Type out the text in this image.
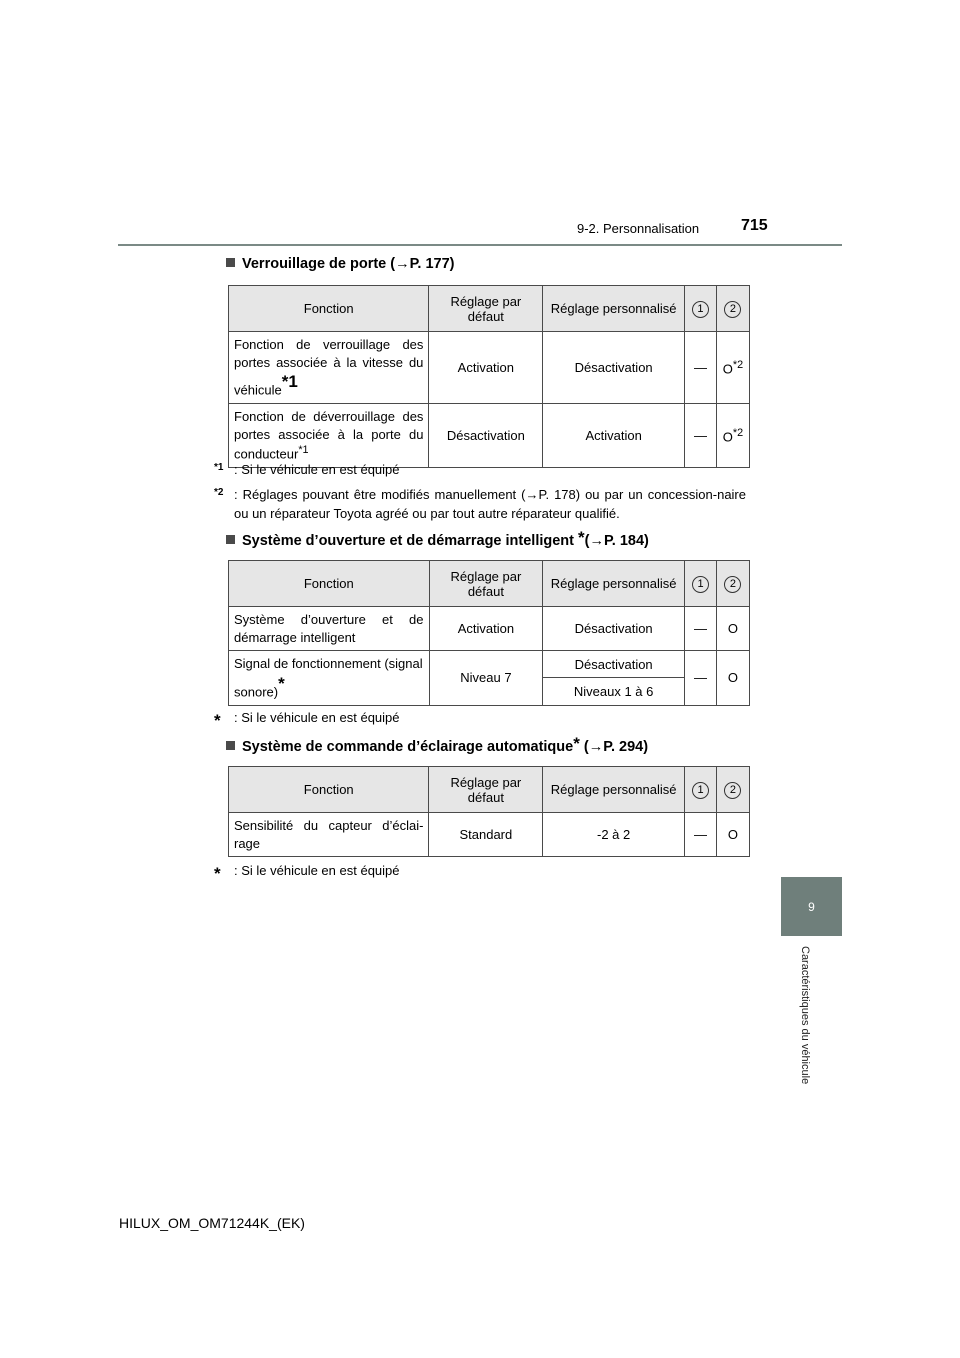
9-2. Personnalisation	715
9
Caractéristiques du véhicule
Verrouillage de porte (→P. 177)
Fonction	Réglage par défaut	Réglage personnalisé	1	2
Fonction de verrouillage des portes associée à la vitesse du véhicule$^{*1}$	Activation	Désactivation	—	$O^{*2}$
Fonction de déverrouillage des portes associée à la porte du conducteur$^{*1}$	Désactivation	Activation	—	$O^{*2}$
$^{*1}$ : Si le véhicule en est équipé
$^{*2}$ : Réglages pouvant être modifiés manuellement (→P. 178) ou par un concession-naire ou un réparateur Toyota agréé ou par tout autre réparateur qualifié.
Système d’ouverture et de démarrage intelligent *(→P. 184)
Fonction	Réglage par défaut	Réglage personnalisé	1	2
Système d’ouverture et de démarrage intelligent	Activation	Désactivation	—	O
Signal de fonctionnement (signal sonore)*	Niveau 7	Désactivation	—	O
		Niveaux 1 à 6		
* : Si le véhicule en est équipé
Système de commande d’éclairage automatique* (→P. 294)
Fonction	Réglage par défaut	Réglage personnalisé	1	2
Sensibilité du capteur d’éclai-rage	Standard	-2 à 2	—	O
* : Si le véhicule en est équipé
HILUX_OM_OM71244K_(EK)
